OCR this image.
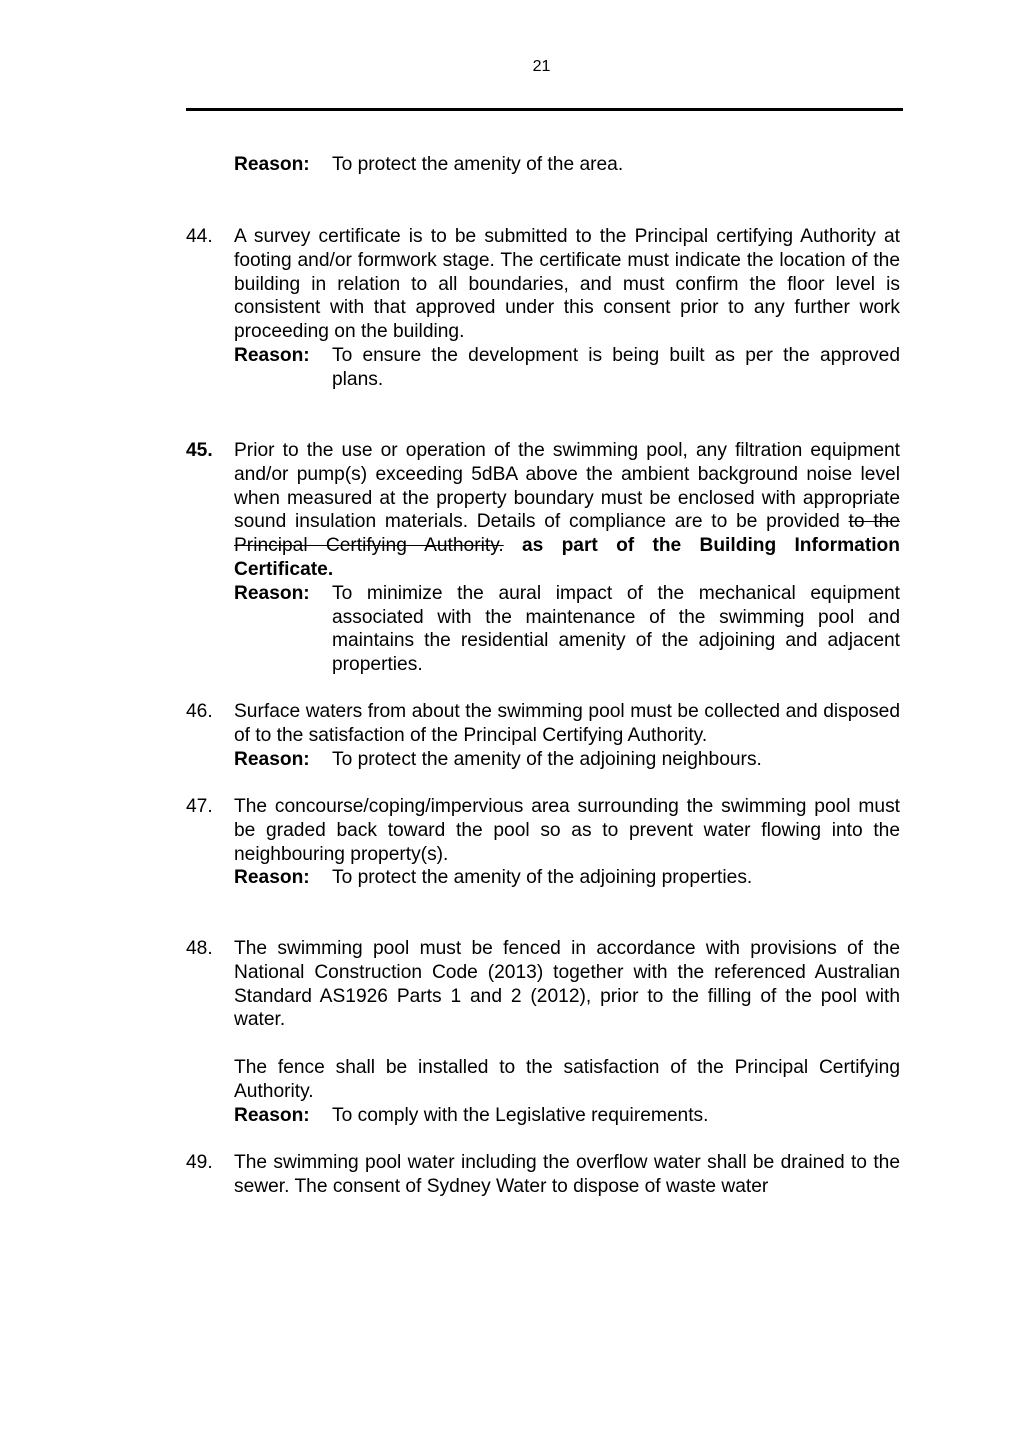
21
Reason:	To protect the amenity of the area.
44.	A survey certificate is to be submitted to the Principal certifying Authority at footing and/or formwork stage. The certificate must indicate the location of the building in relation to all boundaries, and must confirm the floor level is consistent with that approved under this consent prior to any further work proceeding on the building.
Reason:	To ensure the development is being built as per the approved plans.
45.	Prior to the use or operation of the swimming pool, any filtration equipment and/or pump(s) exceeding 5dBA above the ambient background noise level when measured at the property boundary must be enclosed with appropriate sound insulation materials. Details of compliance are to be provided to the Principal Certifying Authority. as part of the Building Information Certificate.
Reason:	To minimize the aural impact of the mechanical equipment associated with the maintenance of the swimming pool and maintains the residential amenity of the adjoining and adjacent properties.
46.	Surface waters from about the swimming pool must be collected and disposed of to the satisfaction of the Principal Certifying Authority.
Reason:	To protect the amenity of the adjoining neighbours.
47.	The concourse/coping/impervious area surrounding the swimming pool must be graded back toward the pool so as to prevent water flowing into the neighbouring property(s).
Reason:	To protect the amenity of the adjoining properties.
48.	The swimming pool must be fenced in accordance with provisions of the National Construction Code (2013) together with the referenced Australian Standard AS1926 Parts 1 and 2 (2012), prior to the filling of the pool with water.
The fence shall be installed to the satisfaction of the Principal Certifying Authority.
Reason:	To comply with the Legislative requirements.
49.	The swimming pool water including the overflow water shall be drained to the sewer. The consent of Sydney Water to dispose of waste water
